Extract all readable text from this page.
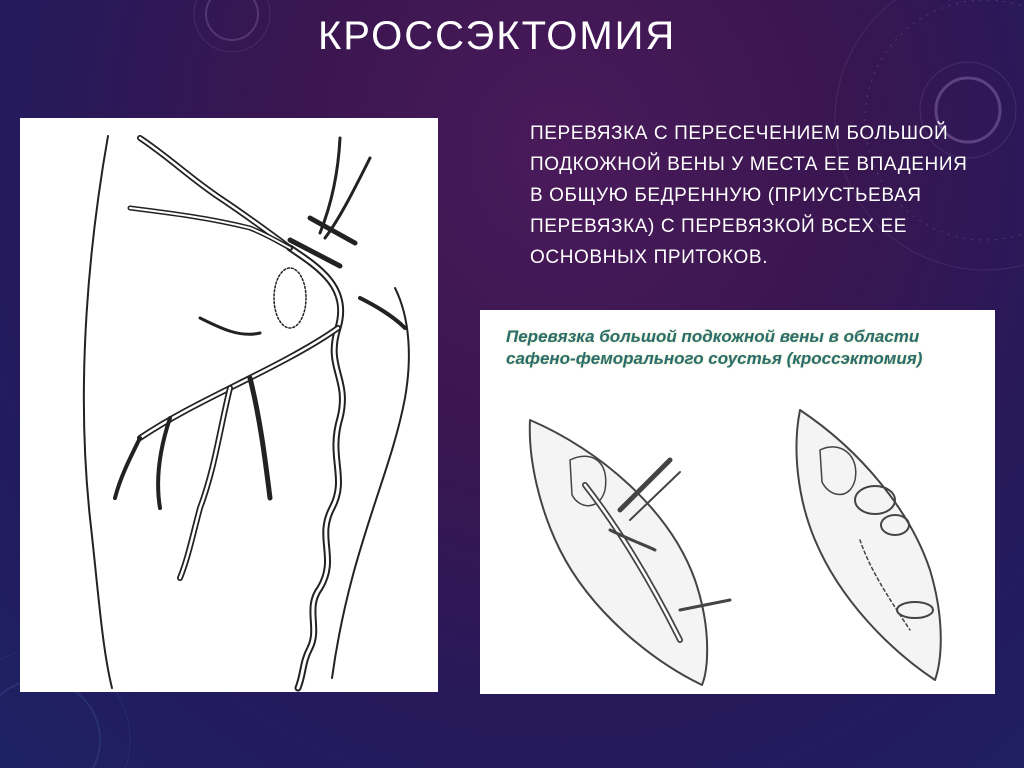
КРОССЭКТОМИЯ
ПЕРЕВЯЗКА С ПЕРЕСЕЧЕНИЕМ БОЛЬШОЙ ПОДКОЖНОЙ ВЕНЫ У МЕСТА ЕЕ ВПАДЕНИЯ В ОБЩУЮ БЕДРЕННУЮ (ПРИУСТЬЕВАЯ ПЕРЕВЯЗКА) С ПЕРЕВЯЗКОЙ ВСЕХ ЕЕ ОСНОВНЫХ ПРИТОКОВ.
Перевязка большой подкожной вены в области сафено-феморального соустья (кроссэктомия)
